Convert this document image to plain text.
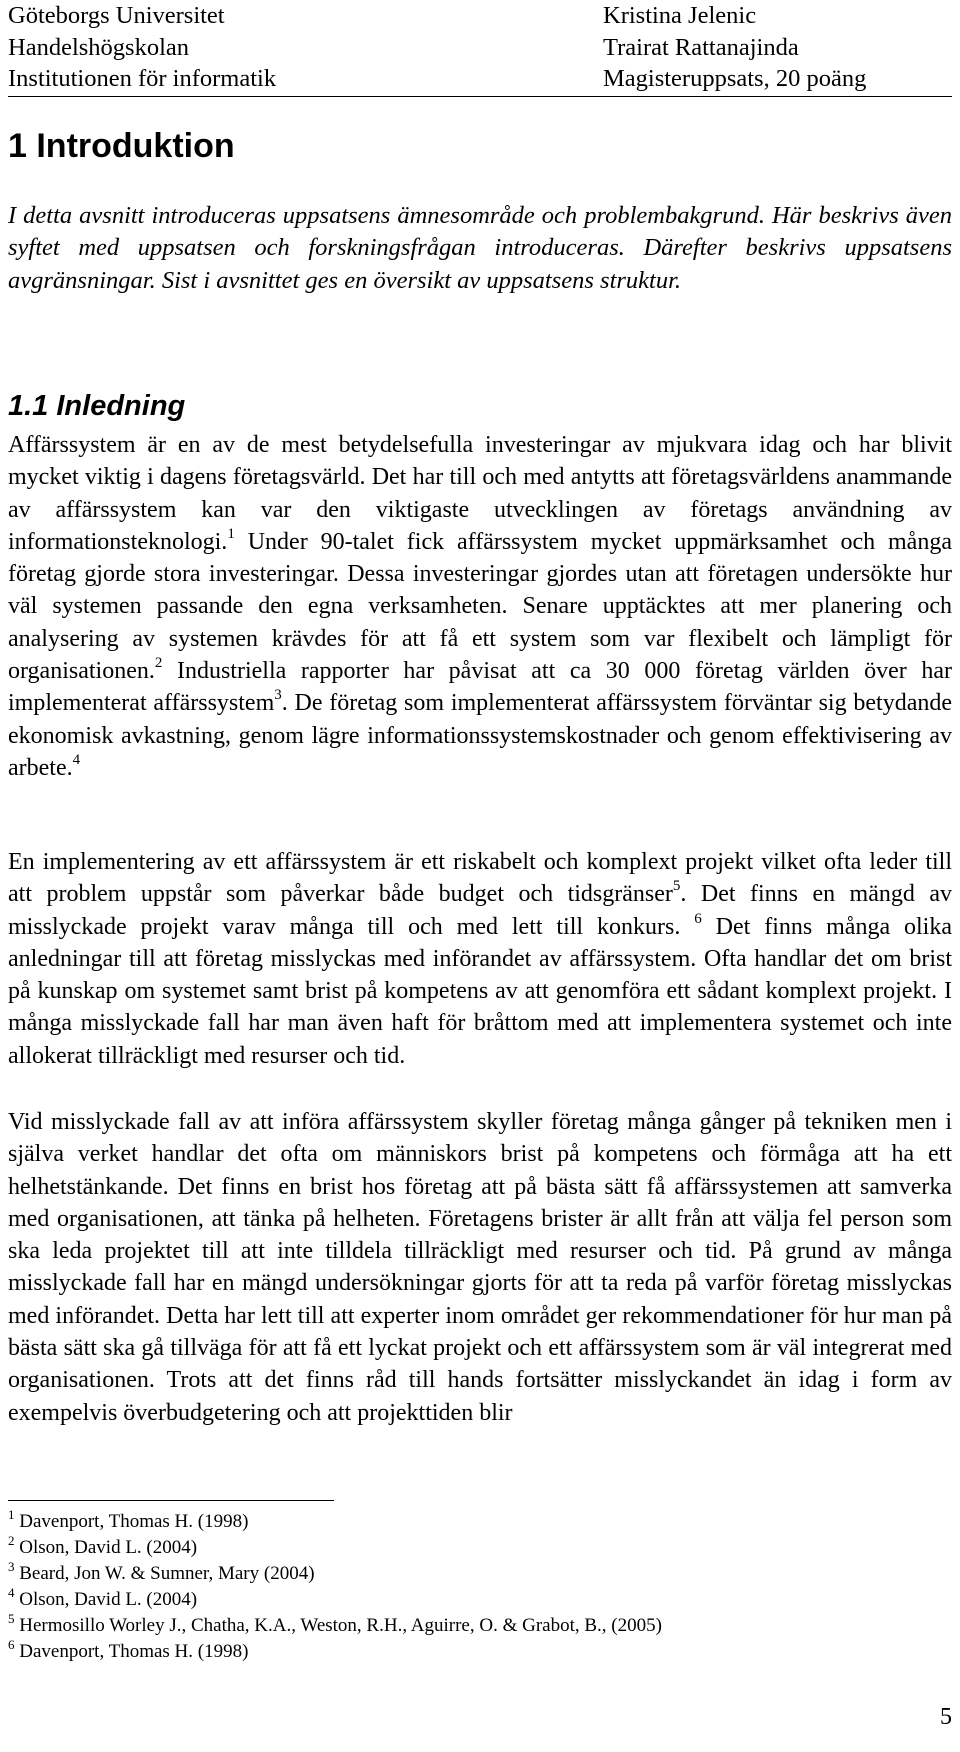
Göteborgs Universitet
Handelshögskolan
Institutionen för informatik
Kristina Jelenic
Trairat Rattanajinda
Magisteruppsats, 20 poäng
1 Introduktion

I detta avsnitt introduceras uppsatsens ämnesområde och problembakgrund. Här beskrivs även syftet med uppsatsen och forskningsfrågan introduceras. Därefter beskrivs uppsatsens avgränsningar. Sist i avsnittet ges en översikt av uppsatsens struktur.

1.1 Inledning

Affärssystem är en av de mest betydelsefulla investeringar av mjukvara idag och har blivit mycket viktig i dagens företagsvärld. Det har till och med antytts att företagsvärldens anammande av affärssystem kan var den viktigaste utvecklingen av företags användning av informationsteknologi.$^1$ Under 90-talet fick affärssystem mycket uppmärksamhet och många företag gjorde stora investeringar. Dessa investeringar gjordes utan att företagen undersökte hur väl systemen passande den egna verksamheten. Senare upptäcktes att mer planering och analysering av systemen krävdes för att få ett system som var flexibelt och lämpligt för organisationen.$^2$ Industriella rapporter har påvisat att ca 30 000 företag världen över har implementerat affärssystem$^3$. De företag som implementerat affärssystem förväntar sig betydande ekonomisk avkastning, genom lägre informationssystemskostnader och genom effektivisering av arbete.$^4$

En implementering av ett affärssystem är ett riskabelt och komplext projekt vilket ofta leder till att problem uppstår som påverkar både budget och tidsgränser$^5$. Det finns en mängd av misslyckade projekt varav många till och med lett till konkurs. $^6$ Det finns många olika anledningar till att företag misslyckas med införandet av affärssystem. Ofta handlar det om brist på kunskap om systemet samt brist på kompetens av att genomföra ett sådant komplext projekt. I många misslyckade fall har man även haft för bråttom med att implementera systemet och inte allokerat tillräckligt med resurser och tid.

Vid misslyckade fall av att införa affärssystem skyller företag många gånger på tekniken men i själva verket handlar det ofta om människors brist på kompetens och förmåga att ha ett helhetstänkande. Det finns en brist hos företag att på bästa sätt få affärssystemen att samverka med organisationen, att tänka på helheten. Företagens brister är allt från att välja fel person som ska leda projektet till att inte tilldela tillräckligt med resurser och tid. På grund av många misslyckade fall har en mängd undersökningar gjorts för att ta reda på varför företag misslyckas med införandet. Detta har lett till att experter inom området ger rekommendationer för hur man på bästa sätt ska gå tillväga för att få ett lyckat projekt och ett affärssystem som är väl integrerat med organisationen. Trots att det finns råd till hands fortsätter misslyckandet än idag i form av exempelvis överbudgetering och att projekttiden blir

$^1$ Davenport, Thomas H. (1998)
$^2$ Olson, David L. (2004)
$^3$ Beard, Jon W. & Sumner, Mary (2004)
$^4$ Olson, David L. (2004)
$^5$ Hermosillo Worley J., Chatha, K.A., Weston, R.H., Aguirre, O. & Grabot, B., (2005)
$^6$ Davenport, Thomas H. (1998)
5
